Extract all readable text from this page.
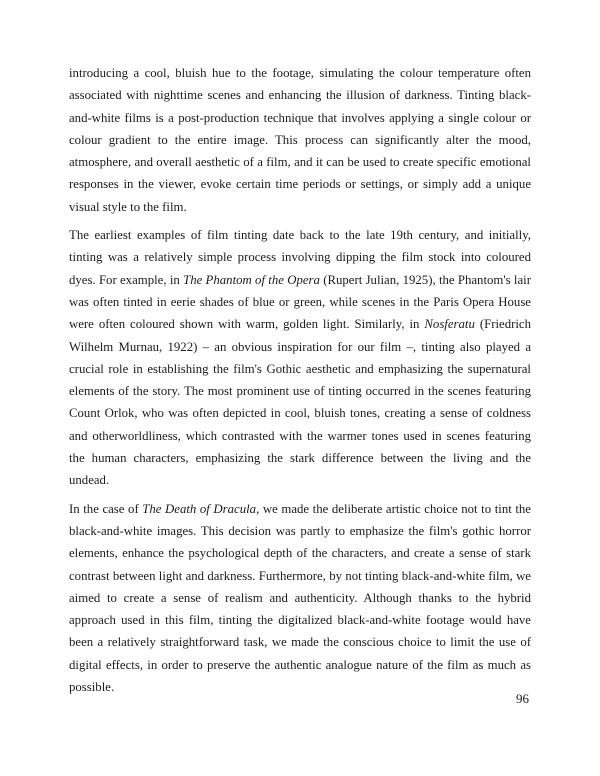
introducing a cool, bluish hue to the footage, simulating the colour temperature often associated with nighttime scenes and enhancing the illusion of darkness. Tinting black-and-white films is a post-production technique that involves applying a single colour or colour gradient to the entire image. This process can significantly alter the mood, atmosphere, and overall aesthetic of a film, and it can be used to create specific emotional responses in the viewer, evoke certain time periods or settings, or simply add a unique visual style to the film.

The earliest examples of film tinting date back to the late 19th century, and initially, tinting was a relatively simple process involving dipping the film stock into coloured dyes. For example, in The Phantom of the Opera (Rupert Julian, 1925), the Phantom's lair was often tinted in eerie shades of blue or green, while scenes in the Paris Opera House were often coloured shown with warm, golden light. Similarly, in Nosferatu (Friedrich Wilhelm Murnau, 1922) – an obvious inspiration for our film –, tinting also played a crucial role in establishing the film's Gothic aesthetic and emphasizing the supernatural elements of the story. The most prominent use of tinting occurred in the scenes featuring Count Orlok, who was often depicted in cool, bluish tones, creating a sense of coldness and otherworldliness, which contrasted with the warmer tones used in scenes featuring the human characters, emphasizing the stark difference between the living and the undead.

In the case of The Death of Dracula, we made the deliberate artistic choice not to tint the black-and-white images. This decision was partly to emphasize the film's gothic horror elements, enhance the psychological depth of the characters, and create a sense of stark contrast between light and darkness. Furthermore, by not tinting black-and-white film, we aimed to create a sense of realism and authenticity. Although thanks to the hybrid approach used in this film, tinting the digitalized black-and-white footage would have been a relatively straightforward task, we made the conscious choice to limit the use of digital effects, in order to preserve the authentic analogue nature of the film as much as possible.

96
